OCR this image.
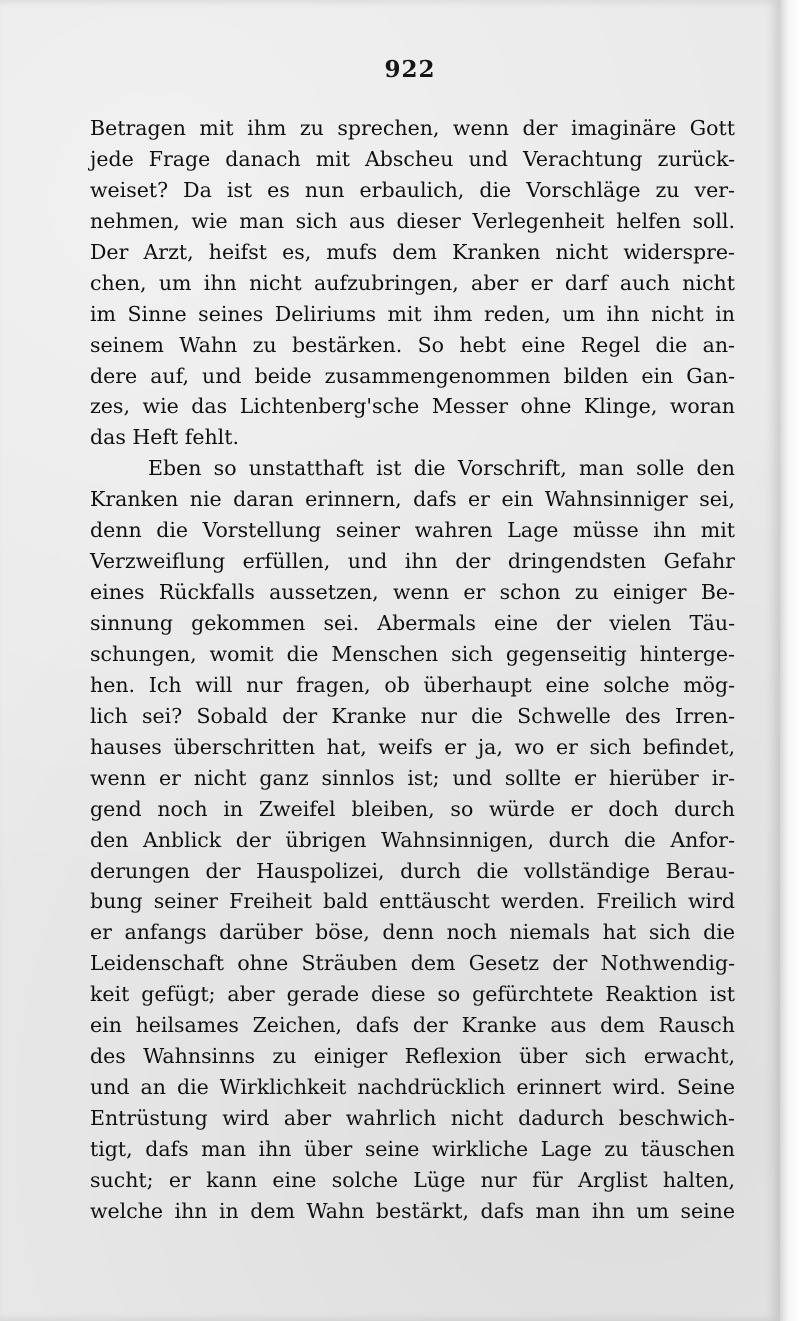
922
Betragen mit ihm zu sprechen, wenn der imaginäre Gott
jede Frage danach mit Abscheu und Verachtung zurück-
weiset? Da ist es nun erbaulich, die Vorschläge zu ver-
nehmen, wie man sich aus dieser Verlegenheit helfen soll.
Der Arzt, heifst es, mufs dem Kranken nicht widerspre-
chen, um ihn nicht aufzubringen, aber er darf auch nicht
im Sinne seines Deliriums mit ihm reden, um ihn nicht in
seinem Wahn zu bestärken. So hebt eine Regel die an-
dere auf, und beide zusammengenommen bilden ein Gan-
zes, wie das Lichtenberg'sche Messer ohne Klinge, woran
das Heft fehlt.
Eben so unstatthaft ist die Vorschrift, man solle den
Kranken nie daran erinnern, dafs er ein Wahnsinniger sei,
denn die Vorstellung seiner wahren Lage müsse ihn mit
Verzweiflung erfüllen, und ihn der dringendsten Gefahr
eines Rückfalls aussetzen, wenn er schon zu einiger Be-
sinnung gekommen sei. Abermals eine der vielen Täu-
schungen, womit die Menschen sich gegenseitig hinterge-
hen. Ich will nur fragen, ob überhaupt eine solche mög-
lich sei? Sobald der Kranke nur die Schwelle des Irren-
hauses überschritten hat, weifs er ja, wo er sich befindet,
wenn er nicht ganz sinnlos ist; und sollte er hierüber ir-
gend noch in Zweifel bleiben, so würde er doch durch
den Anblick der übrigen Wahnsinnigen, durch die Anfor-
derungen der Hauspolizei, durch die vollständige Berau-
bung seiner Freiheit bald enttäuscht werden. Freilich wird
er anfangs darüber böse, denn noch niemals hat sich die
Leidenschaft ohne Sträuben dem Gesetz der Nothwendig-
keit gefügt; aber gerade diese so gefürchtete Reaktion ist
ein heilsames Zeichen, dafs der Kranke aus dem Rausch
des Wahnsinns zu einiger Reflexion über sich erwacht,
und an die Wirklichkeit nachdrücklich erinnert wird. Seine
Entrüstung wird aber wahrlich nicht dadurch beschwich-
tigt, dafs man ihn über seine wirkliche Lage zu täuschen
sucht; er kann eine solche Lüge nur für Arglist halten,
welche ihn in dem Wahn bestärkt, dafs man ihn um seine
